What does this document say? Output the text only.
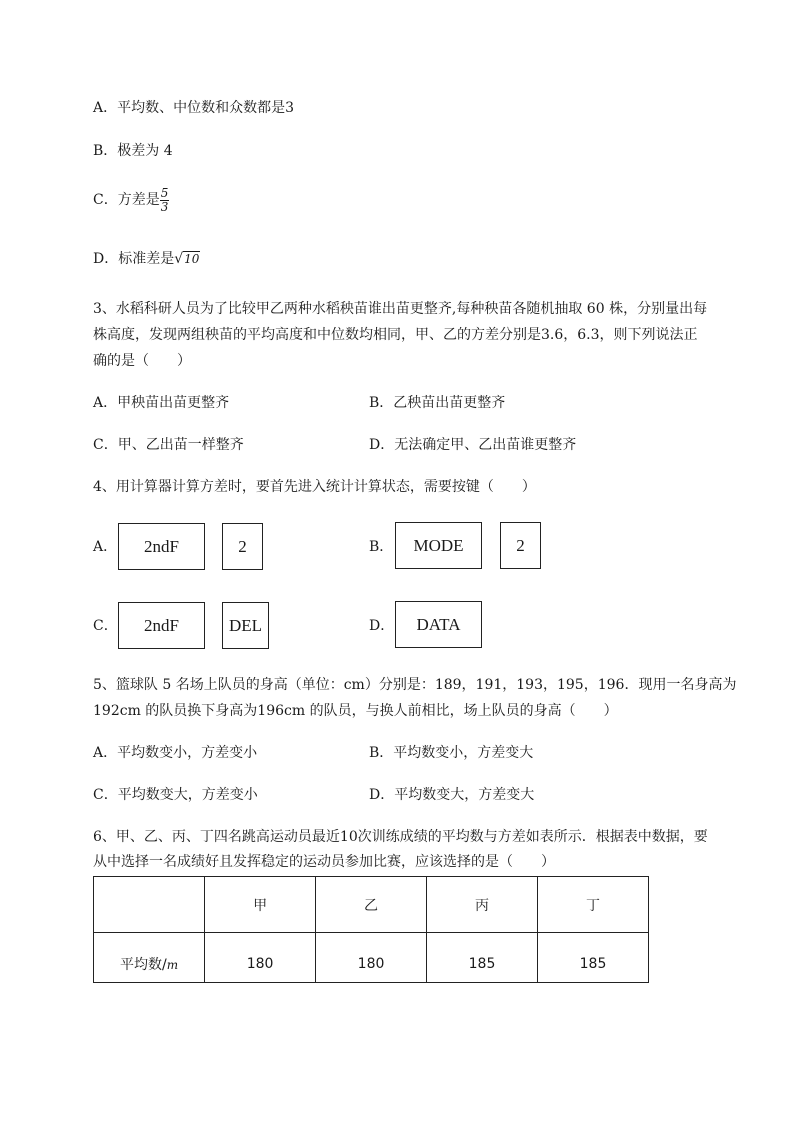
A．平均数、中位数和众数都是3
B．极差为 4
C．方差是 $\frac{5}{3}$
D．标准差是√10
3、水稻科研人员为了比较甲乙两种水稻秧苗谁出苗更整齐,每种秧苗各随机抽取 60 株，分别量出每
株高度，发现两组秧苗的平均高度和中位数均相同，甲、乙的方差分别是3.6，6.3，则下列说法正
确的是（　　）
A．甲秧苗出苗更整齐	B．乙秧苗出苗更整齐
C．甲、乙出苗一样整齐	D．无法确定甲、乙出苗谁更整齐
4、用计算器计算方差时，要首先进入统计计算状态，需要按键（　　）
A．	2ndF	2	B．	MODE	2
C．	2ndF	DEL	D．	DATA
5、篮球队 5 名场上队员的身高（单位：cm）分别是：189，191，193，195，196．现用一名身高为
192cm 的队员换下身高为196cm 的队员，与换人前相比，场上队员的身高（　　）
A．平均数变小，方差变小	B．平均数变小，方差变大
C．平均数变大，方差变小	D．平均数变大，方差变大
6、甲、乙、丙、丁四名跳高运动员最近10次训练成绩的平均数与方差如表所示．根据表中数据，要
从中选择一名成绩好且发挥稳定的运动员参加比赛，应该选择的是（　　）
	甲	乙	丙	丁
平均数/m	180	180	185	185
